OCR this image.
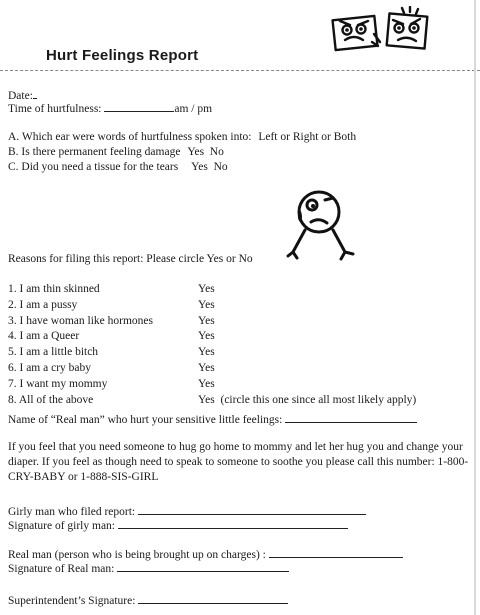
Hurt Feelings Report
Date:
Time of hurtfulness:	am / pm
A. Which ear were words of hurtfulness spoken into: Left or Right or Both
B. Is there permanent feeling damage Yes  No
C. Did you need a tissue for the tears Yes  No
Reasons for filing this report: Please circle Yes or No
1. I am thin skinned	Yes
2. I am a pussy	Yes
3. I have woman like hormones	Yes
4. I am a Queer	Yes
5. I am a little bitch	Yes
6. I am a cry baby	Yes
7. I want my mommy	Yes
8. All of the above	Yes  (circle this one since all most likely apply)
Name of “Real man” who hurt your sensitive little feelings:
If you feel that you need someone to hug go home to mommy and let her hug you and change your diaper. If you feel as though need to speak to someone to soothe you please call this number: 1-800-CRY-BABY or 1-888-SIS-GIRL
Girly man who filed report:
Signature of girly man:
Real man (person who is being brought up on charges) :
Signature of Real man:
Superintendent’s Signature:
